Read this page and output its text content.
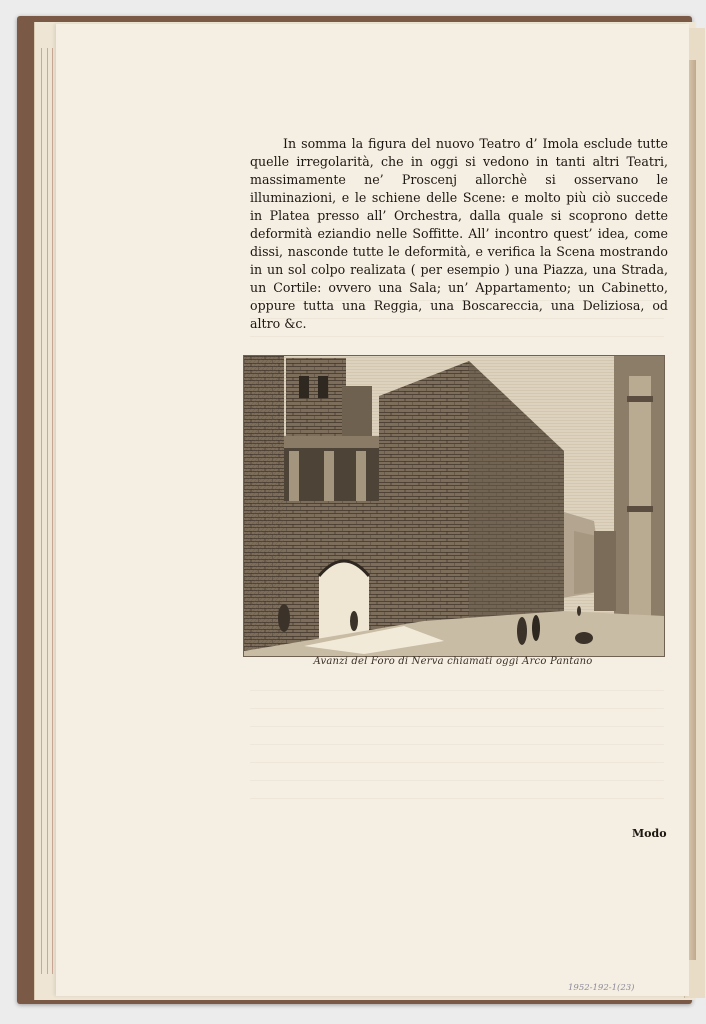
In somma la figura del nuovo Teatro d’ Imola esclude tutte quelle irregolarità, che in oggi si vedono in tanti altri Teatri, massimamente ne’ Proscenj allorchè si osservano le illuminazioni, e le schiene delle Scene: e molto più ciò succede in Platea presso all’ Orchestra, dalla quale si scoprono dette deformità eziandio nelle Soffitte. All’ incontro quest’ idea, come dissi, nasconde tutte le deformità, e verifica la Scena mostrando in un sol colpo realizata ( per esempio ) una Piazza, una Strada, un Cortile: ovvero una Sala; un’ Appartamento; un Cabinetto, oppure tutta una Reggia, una Boscareccia, una Deliziosa, od altro &c.

Avanzi del Foro di Nerva chiamati oggi Arco Pantano
Modo
1952-192-1(23)
